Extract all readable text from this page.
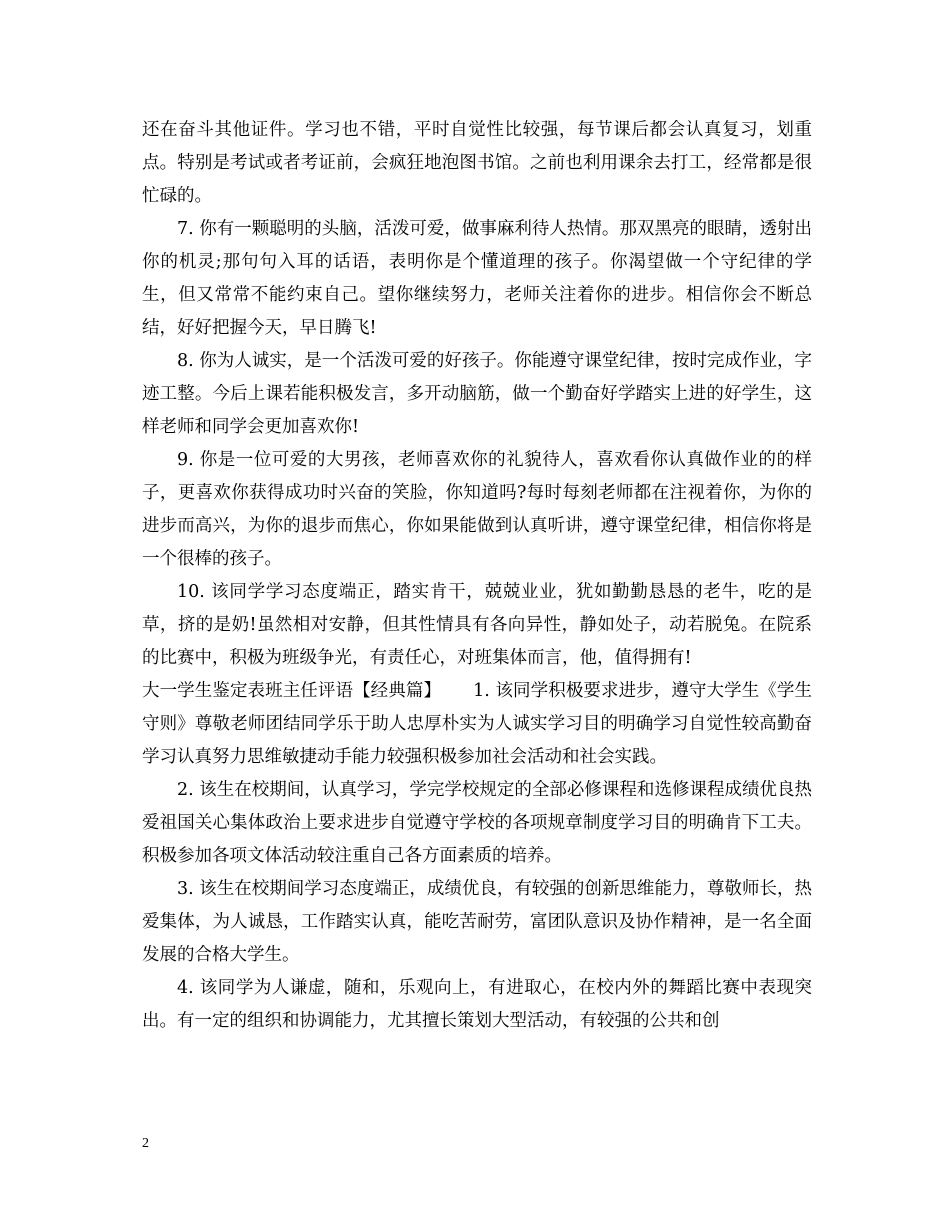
还在奋斗其他证件。学习也不错，平时自觉性比较强，每节课后都会认真复习，划重点。特别是考试或者考证前，会疯狂地泡图书馆。之前也利用课余去打工，经常都是很忙碌的。

7. 你有一颗聪明的头脑，活泼可爱，做事麻利待人热情。那双黑亮的眼睛，透射出你的机灵;那句句入耳的话语，表明你是个懂道理的孩子。你渴望做一个守纪律的学生，但又常常不能约束自己。望你继续努力，老师关注着你的进步。相信你会不断总结，好好把握今天，早日腾飞!

8. 你为人诚实，是一个活泼可爱的好孩子。你能遵守课堂纪律，按时完成作业，字迹工整。今后上课若能积极发言，多开动脑筋，做一个勤奋好学踏实上进的好学生，这样老师和同学会更加喜欢你!

9. 你是一位可爱的大男孩，老师喜欢你的礼貌待人，喜欢看你认真做作业的的样子，更喜欢你获得成功时兴奋的笑脸，你知道吗?每时每刻老师都在注视着你，为你的进步而高兴，为你的退步而焦心，你如果能做到认真听讲，遵守课堂纪律，相信你将是一个很棒的孩子。

10. 该同学学习态度端正，踏实肯干，兢兢业业，犹如勤勤恳恳的老牛，吃的是草，挤的是奶!虽然相对安静，但其性情具有各向异性，静如处子，动若脱兔。在院系的比赛中，积极为班级争光，有责任心，对班集体而言，他，值得拥有!

大一学生鉴定表班主任评语【经典篇】　　 1. 该同学积极要求进步，遵守大学生《学生守则》尊敬老师团结同学乐于助人忠厚朴实为人诚实学习目的明确学习自觉性较高勤奋学习认真努力思维敏捷动手能力较强积极参加社会活动和社会实践。

2. 该生在校期间，认真学习，学完学校规定的全部必修课程和选修课程成绩优良热爱祖国关心集体政治上要求进步自觉遵守学校的各项规章制度学习目的明确肯下工夫。积极参加各项文体活动较注重自己各方面素质的培养。

3. 该生在校期间学习态度端正，成绩优良，有较强的创新思维能力，尊敬师长，热爱集体，为人诚恳，工作踏实认真，能吃苦耐劳，富团队意识及协作精神，是一名全面发展的合格大学生。

4. 该同学为人谦虚，随和，乐观向上，有进取心，在校内外的舞蹈比赛中表现突出。有一定的组织和协调能力，尤其擅长策划大型活动，有较强的公共和创

2
